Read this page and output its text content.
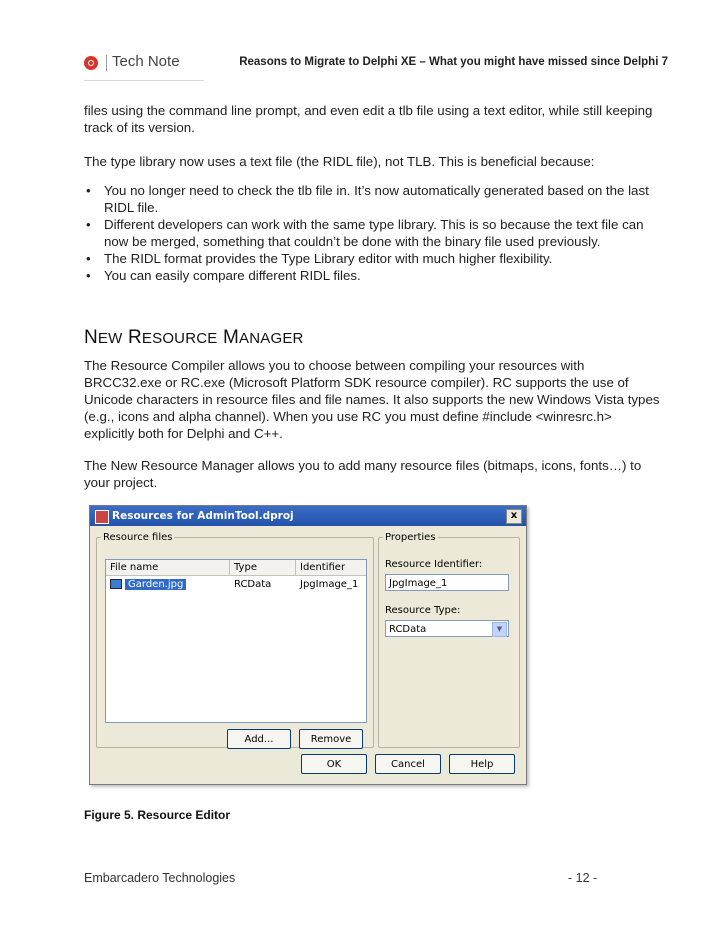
Tech Note	Reasons to Migrate to Delphi XE – What you might have missed since Delphi 7

files using the command line prompt, and even edit a tlb file using a text editor, while still keeping track of its version.

The type library now uses a text file (the RIDL file), not TLB. This is beneficial because:

• You no longer need to check the tlb file in. It’s now automatically generated based on the last RIDL file.
• Different developers can work with the same type library. This is so because the text file can now be merged, something that couldn’t be done with the binary file used previously.
• The RIDL format provides the Type Library editor with much higher flexibility.
• You can easily compare different RIDL files.
NEW RESOURCE MANAGER

The Resource Compiler allows you to choose between compiling your resources with BRCC32.exe or RC.exe (Microsoft Platform SDK resource compiler). RC supports the use of Unicode characters in resource files and file names. It also supports the new Windows Vista types (e.g., icons and alpha channel). When you use RC you must define #include <winresrc.h> explicitly both for Delphi and C++.

The New Resource Manager allows you to add many resource files (bitmaps, icons, fonts…) to your project.

Resources for AdminTool.dproj	x
Resource files
File name	Type	Identifier
Garden.jpg	RCData	JpgImage_1
Add...	Remove
Properties
Resource Identifier:
JpgImage_1
Resource Type:
RCData	▼
OK	Cancel	Help
Figure 5. Resource Editor
Embarcadero Technologies	- 12 -
